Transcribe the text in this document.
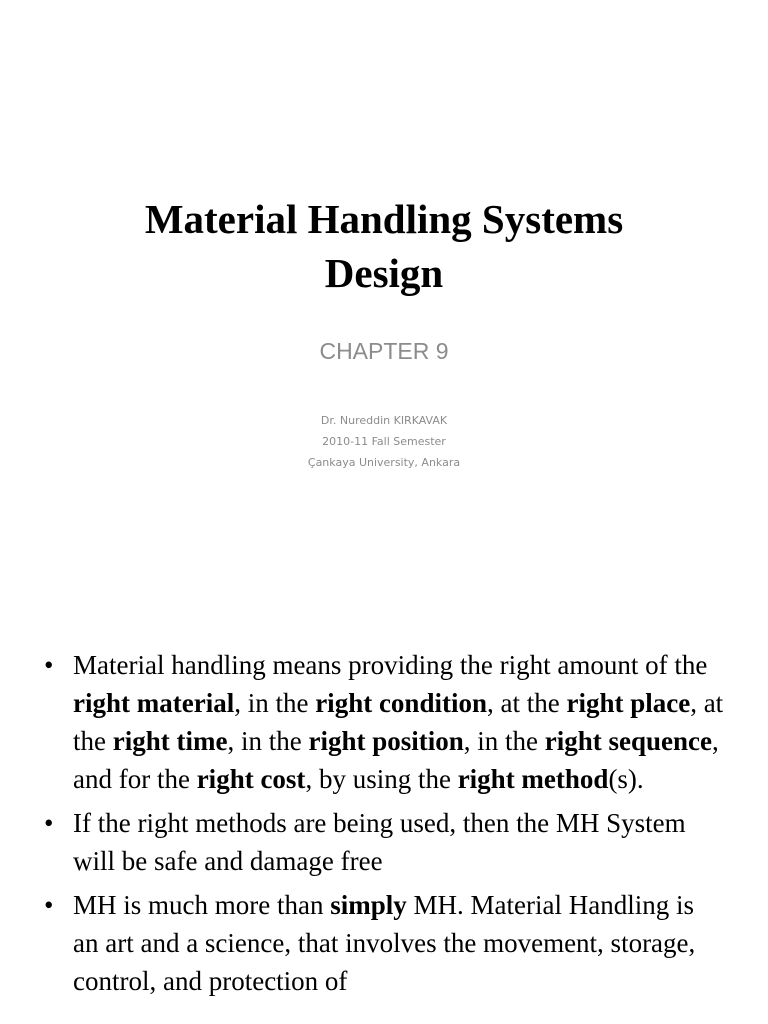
Material Handling Systems
Design
CHAPTER 9
Dr. Nureddin KIRKAVAK
2010-11 Fall Semester
Çankaya University, Ankara
• Material handling means providing the right amount of the right material, in the right condition, at the right place, at the right time, in the right position, in the right sequence, and for the right cost, by using the right method(s).
• If the right methods are being used, then the MH System will be safe and damage free
• MH is much more than simply MH. Material Handling is an art and a science, that involves the movement, storage, control, and protection of
